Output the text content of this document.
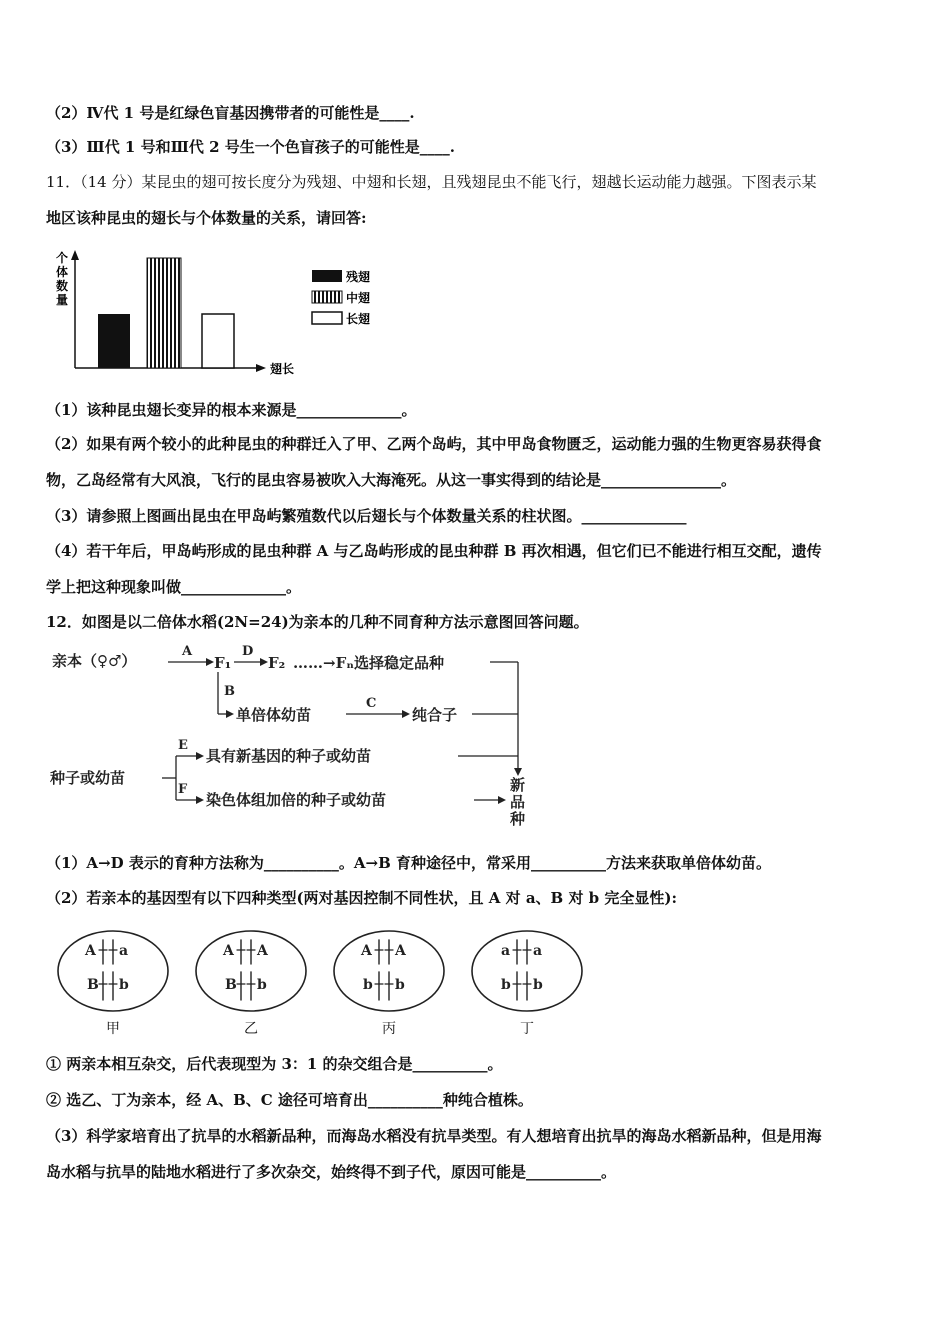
（2）Ⅳ代 1 号是红绿色盲基因携带者的可能性是____.
（3）Ⅲ代 1 号和Ⅲ代 2 号生一个色盲孩子的可能性是____.
11．（14 分）某昆虫的翅可按长度分为残翅、中翅和长翅，且残翅昆虫不能飞行，翅越长运动能力越强。下图表示某
地区该种昆虫的翅长与个体数量的关系，请回答:
个
体
数
量
翅长
残翅
中翅
长翅
（1）该种昆虫翅长变异的根本来源是______________。
（2）如果有两个较小的此种昆虫的种群迁入了甲、乙两个岛屿，其中甲岛食物匮乏，运动能力强的生物更容易获得食
物，乙岛经常有大风浪，飞行的昆虫容易被吹入大海淹死。从这一事实得到的结论是________________。
（3）请参照上图画出昆虫在甲岛屿繁殖数代以后翅长与个体数量关系的柱状图。______________
（4）若干年后，甲岛屿形成的昆虫种群 A 与乙岛屿形成的昆虫种群 B 再次相遇，但它们已不能进行相互交配，遗传
学上把这种现象叫做______________。
12．如图是以二倍体水稻(2N=24)为亲本的几种不同育种方法示意图回答问题。
亲本（♀♂）
A
F₁
D
F₂ ……→Fₙ选择稳定品种
B
单倍体幼苗
C
纯合子
种子或幼苗
E
具有新基因的种子或幼苗
F
染色体组加倍的种子或幼苗
新
品
种
（1）A→D 表示的育种方法称为__________。A→B 育种途径中，常采用__________方法来获取单倍体幼苗。
（2）若亲本的基因型有以下四种类型(两对基因控制不同性状，且 A 对 a、B 对 b 完全显性):
A a
B b
A A
B b
A A
b b
a a
b b
甲	乙	丙	丁
① 两亲本相互杂交，后代表现型为 3：1 的杂交组合是__________。
② 选乙、丁为亲本，经 A、B、C 途径可培育出__________种纯合植株。
（3）科学家培育出了抗旱的水稻新品种，而海岛水稻没有抗旱类型。有人想培育出抗旱的海岛水稻新品种，但是用海
岛水稻与抗旱的陆地水稻进行了多次杂交，始终得不到子代，原因可能是__________。
